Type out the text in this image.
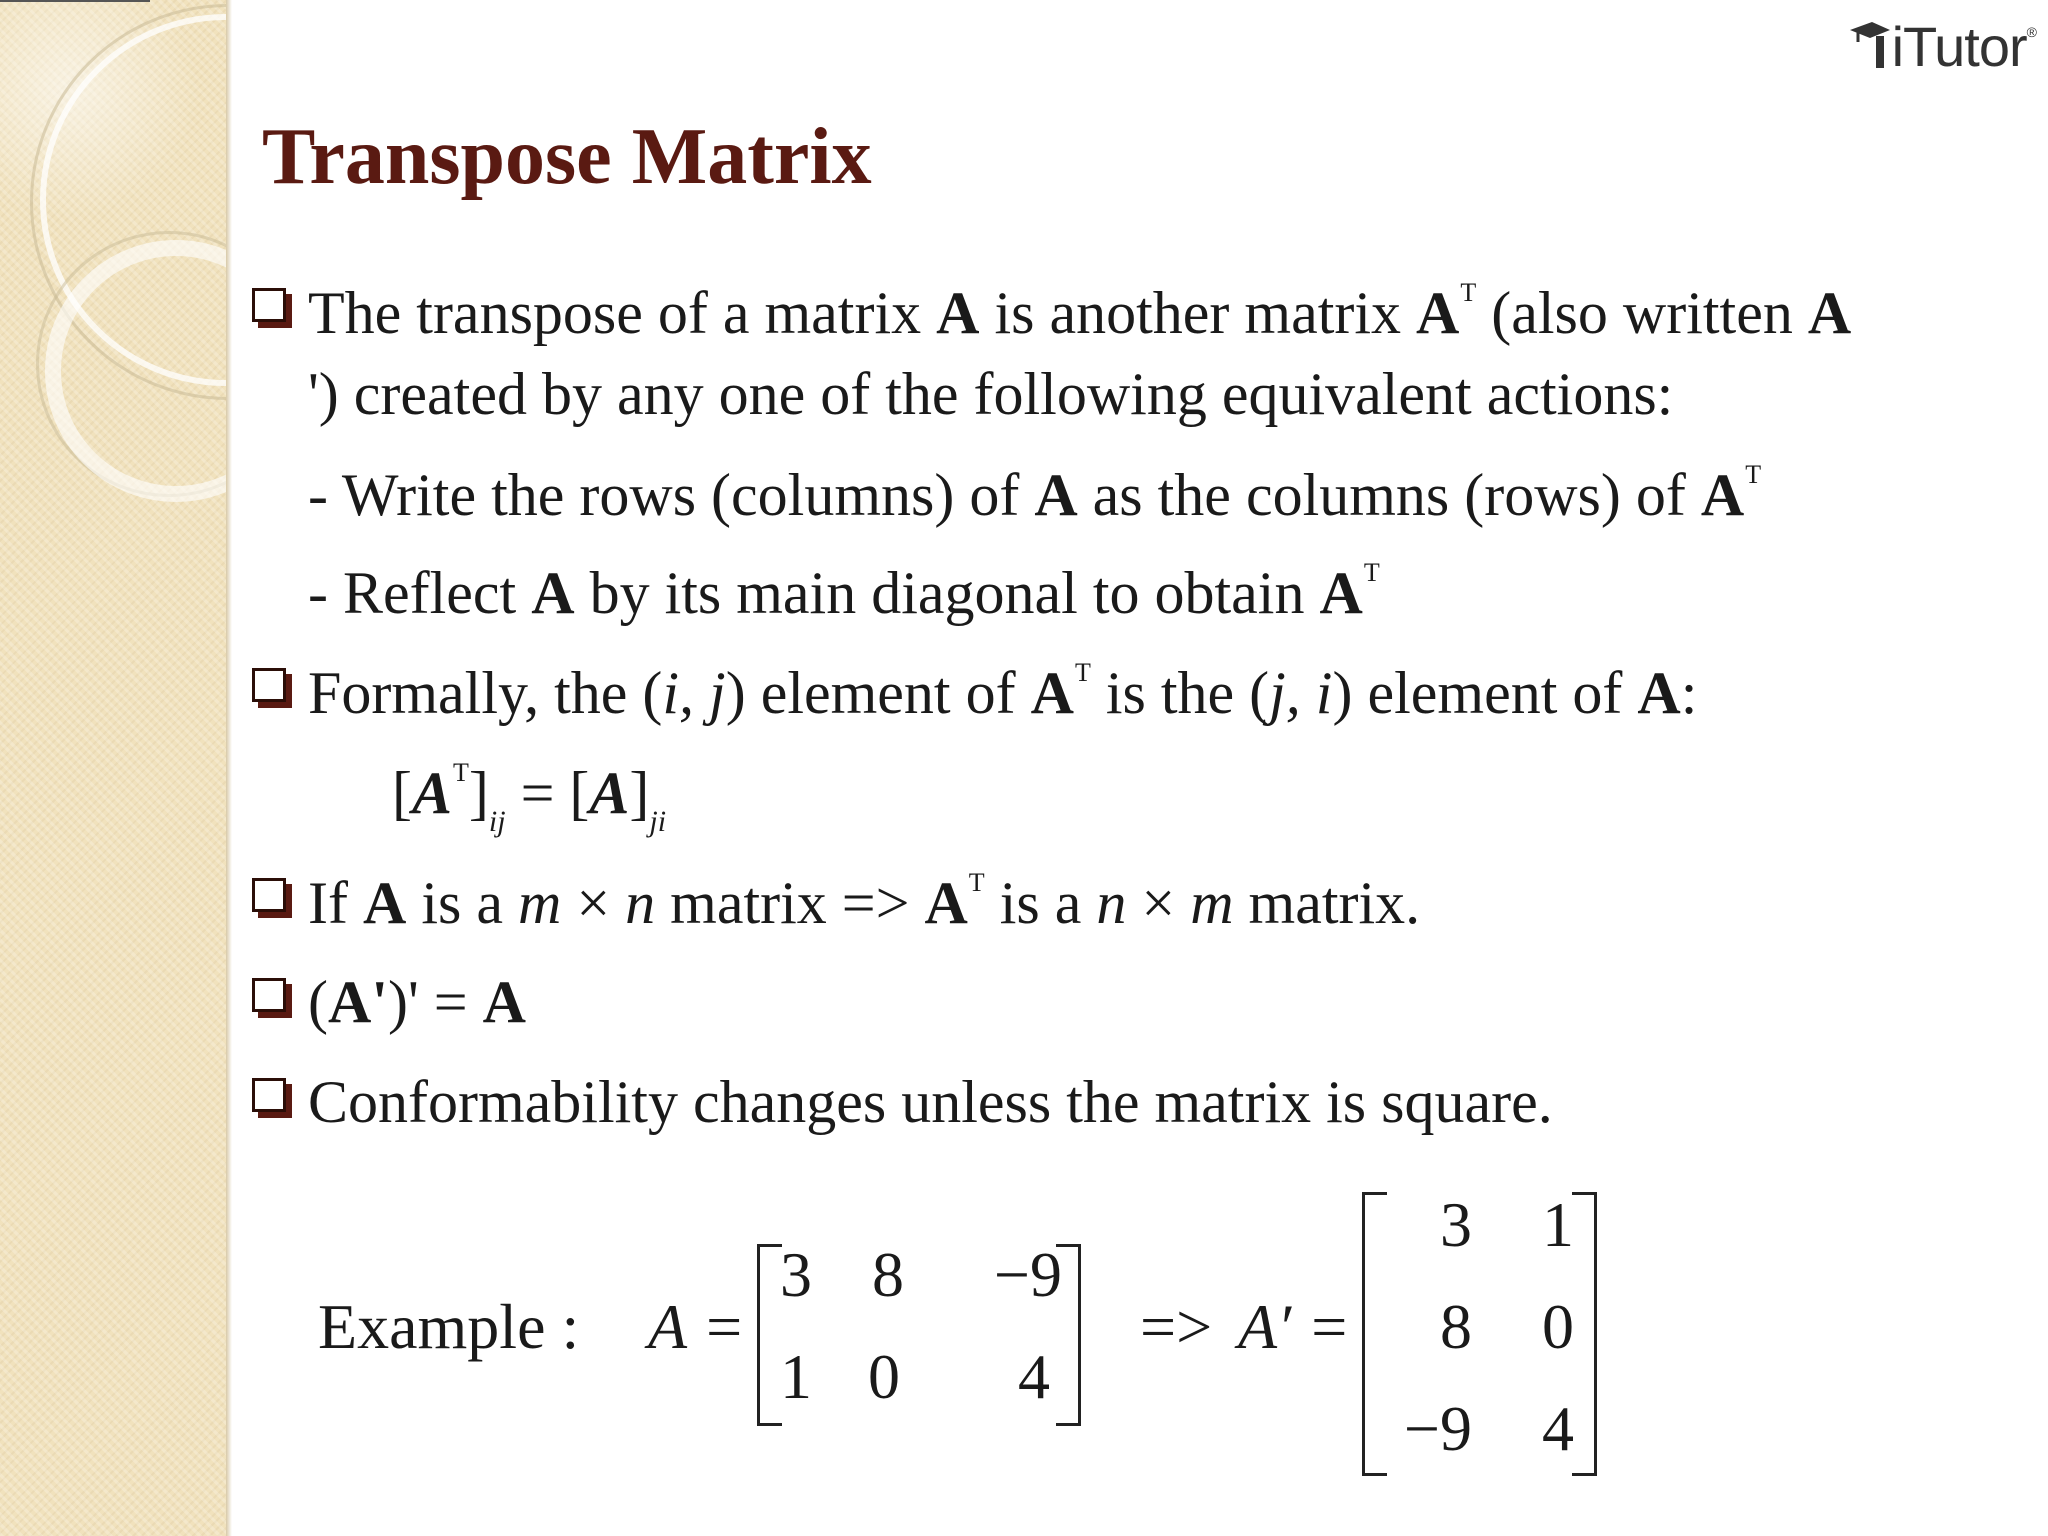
iTutor ®
Transpose Matrix
The transpose of a matrix A is another matrix $A^T$ (also written A
') created by any one of the following equivalent actions:
- Write the rows (columns) of A as the columns (rows) of $A^T$
- Reflect A by its main diagonal to obtain $A^T$
Formally, the (i, j) element of $A^T$ is the (j, i) element of A:
$[A^T]_{ij} = [A]_{ji}$
If A is a m × n matrix => $A^T$ is a n × m matrix.
(A')' = A
Conformability changes unless the matrix is square.
Example : A =
3 8	−9
1 0	4
=> A′ =
3	1
8	0
−9	4
